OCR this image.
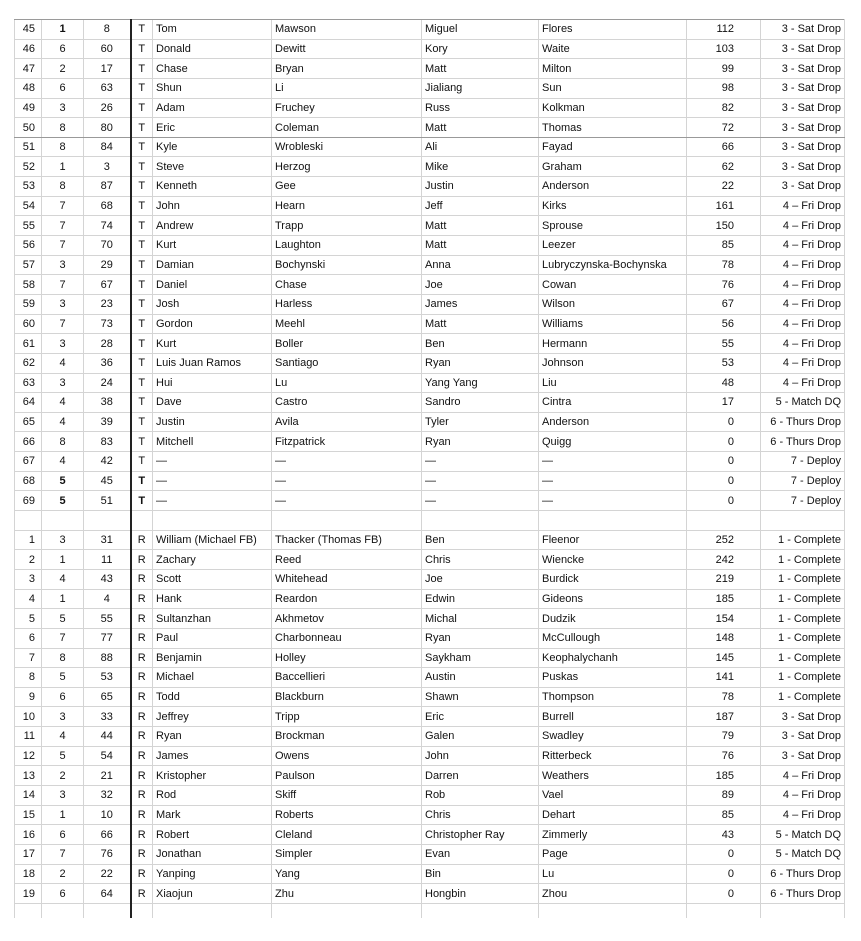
45	1	8	T	Tom	Mawson	Miguel	Flores	112	3 - Sat Drop
46	6	60	T	Donald	Dewitt	Kory	Waite	103	3 - Sat Drop
47	2	17	T	Chase	Bryan	Matt	Milton	99	3 - Sat Drop
48	6	63	T	Shun	Li	Jialiang	Sun	98	3 - Sat Drop
49	3	26	T	Adam	Fruchey	Russ	Kolkman	82	3 - Sat Drop
50	8	80	T	Eric	Coleman	Matt	Thomas	72	3 - Sat Drop
51	8	84	T	Kyle	Wrobleski	Ali	Fayad	66	3 - Sat Drop
52	1	3	T	Steve	Herzog	Mike	Graham	62	3 - Sat Drop
53	8	87	T	Kenneth	Gee	Justin	Anderson	22	3 - Sat Drop
54	7	68	T	John	Hearn	Jeff	Kirks	161	4 – Fri Drop
55	7	74	T	Andrew	Trapp	Matt	Sprouse	150	4 – Fri Drop
56	7	70	T	Kurt	Laughton	Matt	Leezer	85	4 – Fri Drop
57	3	29	T	Damian	Bochynski	Anna	Lubryczynska-Bochynska	78	4 – Fri Drop
58	7	67	T	Daniel	Chase	Joe	Cowan	76	4 – Fri Drop
59	3	23	T	Josh	Harless	James	Wilson	67	4 – Fri Drop
60	7	73	T	Gordon	Meehl	Matt	Williams	56	4 – Fri Drop
61	3	28	T	Kurt	Boller	Ben	Hermann	55	4 – Fri Drop
62	4	36	T	Luis Juan Ramos	Santiago	Ryan	Johnson	53	4 – Fri Drop
63	3	24	T	Hui	Lu	Yang Yang	Liu	48	4 – Fri Drop
64	4	38	T	Dave	Castro	Sandro	Cintra	17	5 - Match DQ
65	4	39	T	Justin	Avila	Tyler	Anderson	0	6 - Thurs Drop
66	8	83	T	Mitchell	Fitzpatrick	Ryan	Quigg	0	6 - Thurs Drop
67	4	42	T	—	—	—	—	0	7 - Deploy
68	5	45	T	—	—	—	—	0	7 - Deploy
69	5	51	T	—	—	—	—	0	7 - Deploy

1	3	31	R	William (Michael FB)	Thacker (Thomas FB)	Ben	Fleenor	252	1 - Complete
2	1	11	R	Zachary	Reed	Chris	Wiencke	242	1 - Complete
3	4	43	R	Scott	Whitehead	Joe	Burdick	219	1 - Complete
4	1	4	R	Hank	Reardon	Edwin	Gideons	185	1 - Complete
5	5	55	R	Sultanzhan	Akhmetov	Michal	Dudzik	154	1 - Complete
6	7	77	R	Paul	Charbonneau	Ryan	McCullough	148	1 - Complete
7	8	88	R	Benjamin	Holley	Saykham	Keophalychanh	145	1 - Complete
8	5	53	R	Michael	Baccellieri	Austin	Puskas	141	1 - Complete
9	6	65	R	Todd	Blackburn	Shawn	Thompson	78	1 - Complete
10	3	33	R	Jeffrey	Tripp	Eric	Burrell	187	3 - Sat Drop
11	4	44	R	Ryan	Brockman	Galen	Swadley	79	3 - Sat Drop
12	5	54	R	James	Owens	John	Ritterbeck	76	3 - Sat Drop
13	2	21	R	Kristopher	Paulson	Darren	Weathers	185	4 – Fri Drop
14	3	32	R	Rod	Skiff	Rob	Vael	89	4 – Fri Drop
15	1	10	R	Mark	Roberts	Chris	Dehart	85	4 – Fri Drop
16	6	66	R	Robert	Cleland	Christopher Ray	Zimmerly	43	5 - Match DQ
17	7	76	R	Jonathan	Simpler	Evan	Page	0	5 - Match DQ
18	2	22	R	Yanping	Yang	Bin	Lu	0	6 - Thurs Drop
19	6	64	R	Xiaojun	Zhu	Hongbin	Zhou	0	6 - Thurs Drop
